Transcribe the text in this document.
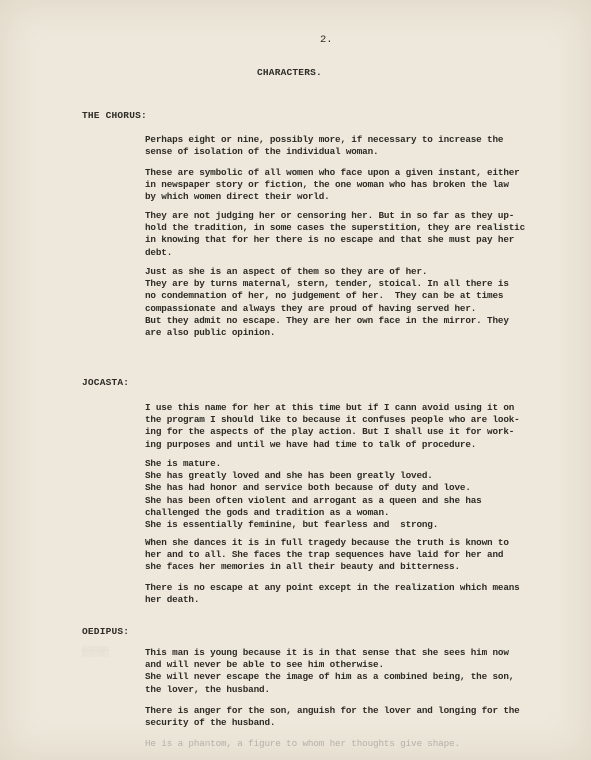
2.
CHARACTERS.
THE CHORUS:
Perhaps eight or nine, possibly more, if necessary to increase the
sense of isolation of the individual woman.
These are symbolic of all women who face upon a given instant, either
in newspaper story or fiction, the one woman who has broken the law
by which women direct their world.
They are not judging her or censoring her. But in so far as they up-
hold the tradition, in some cases the superstition, they are realistic
in knowing that for her there is no escape and that she must pay her
debt.
Just as she is an aspect of them so they are of her.
They are by turns maternal, stern, tender, stoical. In all there is
no condemnation of her, no judgement of her.  They can be at times
compassionate and always they are proud of having served her.
But they admit no escape. They are her own face in the mirror. They
are also public opinion.
JOCASTA:
I use this name for her at this time but if I cann avoid using it on
the program I should like to because it confuses people who are look-
ing for the aspects of the play action. But I shall use it for work-
ing purposes and until we have had time to talk of procedure.
She is mature.
She has greatly loved and she has been greatly loved.
She has had honor and service both because of duty and love.
She has been often violent and arrogant as a queen and she has
challenged the gods and tradition as a woman.
She is essentially feminine, but fearless and  strong.
When she dances it is in full tragedy because the truth is known to
her and to all. She faces the trap sequences have laid for her and
she faces her memories in all their beauty and bitterness.
There is no escape at any point except in the realization which means
her death.
OEDIPUS:
░░░░░	This man is young because it is in that sense that she sees him now
and will never be able to see him otherwise.
She will never escape the image of him as a combined being, the son,
the lover, the husband.
There is anger for the son, anguish for the lover and longing for the
security of the husband.
He is a phantom, a figure to whom her thoughts give shape.
